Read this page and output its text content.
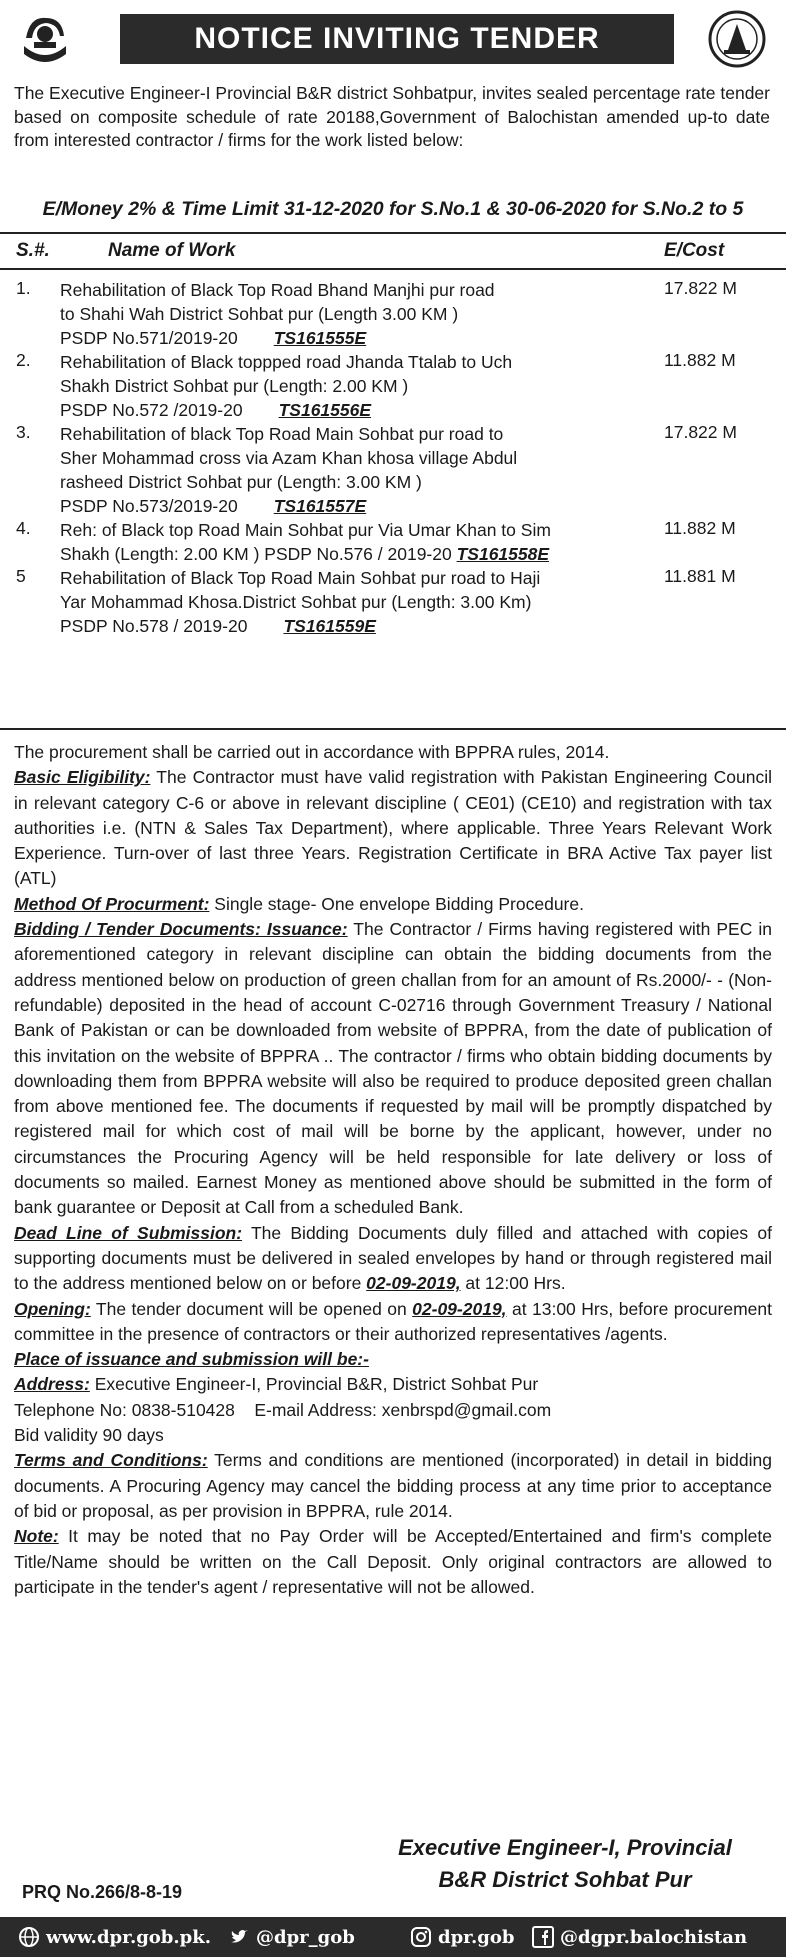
NOTICE INVITING TENDER
The Executive Engineer-I Provincial B&R district Sohbatpur, invites sealed percentage rate tender based on composite schedule of rate 20188,Government of Balochistan amended up-to date from interested contractor / firms for the work listed below:
E/Money 2% & Time Limit 31-12-2020 for S.No.1 & 30-06-2020 for S.No.2 to 5
S.#.	Name of Work	E/Cost
1. Rehabilitation of Black Top Road Bhand Manjhi pur road
to Shahi Wah District Sohbat pur (Length 3.00 KM )
PSDP No.571/2019-20 TS161555E
17.822 M
2. Rehabilitation of Black toppped road Jhanda Ttalab to Uch
Shakh District Sohbat pur (Length: 2.00 KM )
PSDP No.572 /2019-20 TS161556E
11.882 M
3. Rehabilitation of black Top Road Main Sohbat pur road to
Sher Mohammad cross via Azam Khan khosa village Abdul
rasheed District Sohbat pur (Length: 3.00 KM )
PSDP No.573/2019-20 TS161557E
17.822 M
4. Reh: of Black top Road Main Sohbat pur Via Umar Khan to Sim
Shakh (Length: 2.00 KM ) PSDP No.576 / 2019-20 TS161558E
11.882 M
5 Rehabilitation of Black Top Road Main Sohbat pur road to Haji
Yar Mohammad Khosa.District Sohbat pur (Length: 3.00 Km)
PSDP No.578 / 2019-20 TS161559E
11.881 M

The procurement shall be carried out in accordance with BPPRA rules, 2014.

Basic Eligibility: The Contractor must have valid registration with Pakistan Engineering Council in relevant category C-6 or above in relevant discipline ( CE01) (CE10) and registration with tax authorities i.e. (NTN & Sales Tax Department), where applicable. Three Years Relevant Work Experience. Turn-over of last three Years. Registration Certificate in BRA Active Tax payer list (ATL)

Method Of Procurment: Single stage- One envelope Bidding Procedure.

Bidding / Tender Documents: Issuance: The Contractor / Firms having registered with PEC in aforementioned category in relevant discipline can obtain the bidding documents from the address mentioned below on production of green challan from for an amount of Rs.2000/- - (Non-refundable) deposited in the head of account C-02716 through Government Treasury / National Bank of Pakistan or can be downloaded from website of BPPRA, from the date of publication of this invitation on the website of BPPRA .. The contractor / firms who obtain bidding documents by downloading them from BPPRA website will also be required to produce deposited green challan from above mentioned fee. The documents if requested by mail will be promptly dispatched by registered mail for which cost of mail will be borne by the applicant, however, under no circumstances the Procuring Agency will be held responsible for late delivery or loss of documents so mailed. Earnest Money as mentioned above should be submitted in the form of bank guarantee or Deposit at Call from a scheduled Bank.

Dead Line of Submission: The Bidding Documents duly filled and attached with copies of supporting documents must be delivered in sealed envelopes by hand or through registered mail to the address mentioned below on or before 02-09-2019, at 12:00 Hrs.

Opening: The tender document will be opened on 02-09-2019, at 13:00 Hrs, before procurement committee in the presence of contractors or their authorized representatives /agents.

Place of issuance and submission will be:-

Address: Executive Engineer-I, Provincial B&R, District Sohbat Pur

Telephone No: 0838-510428    E-mail Address: xenbrspd@gmail.com

Bid validity 90 days

Terms and Conditions: Terms and conditions are mentioned (incorporated) in detail in bidding documents. A Procuring Agency may cancel the bidding process at any time prior to acceptance of bid or proposal, as per provision in BPPRA, rule 2014.

Note: It may be noted that no Pay Order will be Accepted/Entertained and firm's complete Title/Name should be written on the Call Deposit. Only original contractors are allowed to participate in the tender's agent / representative will not be allowed.

Executive Engineer-I, Provincial
B&R District Sohbat Pur
PRQ No.266/8-8-19
www.dpr.gob.pk.	@dpr_gob	dpr.gob	@dgpr.balochistan
